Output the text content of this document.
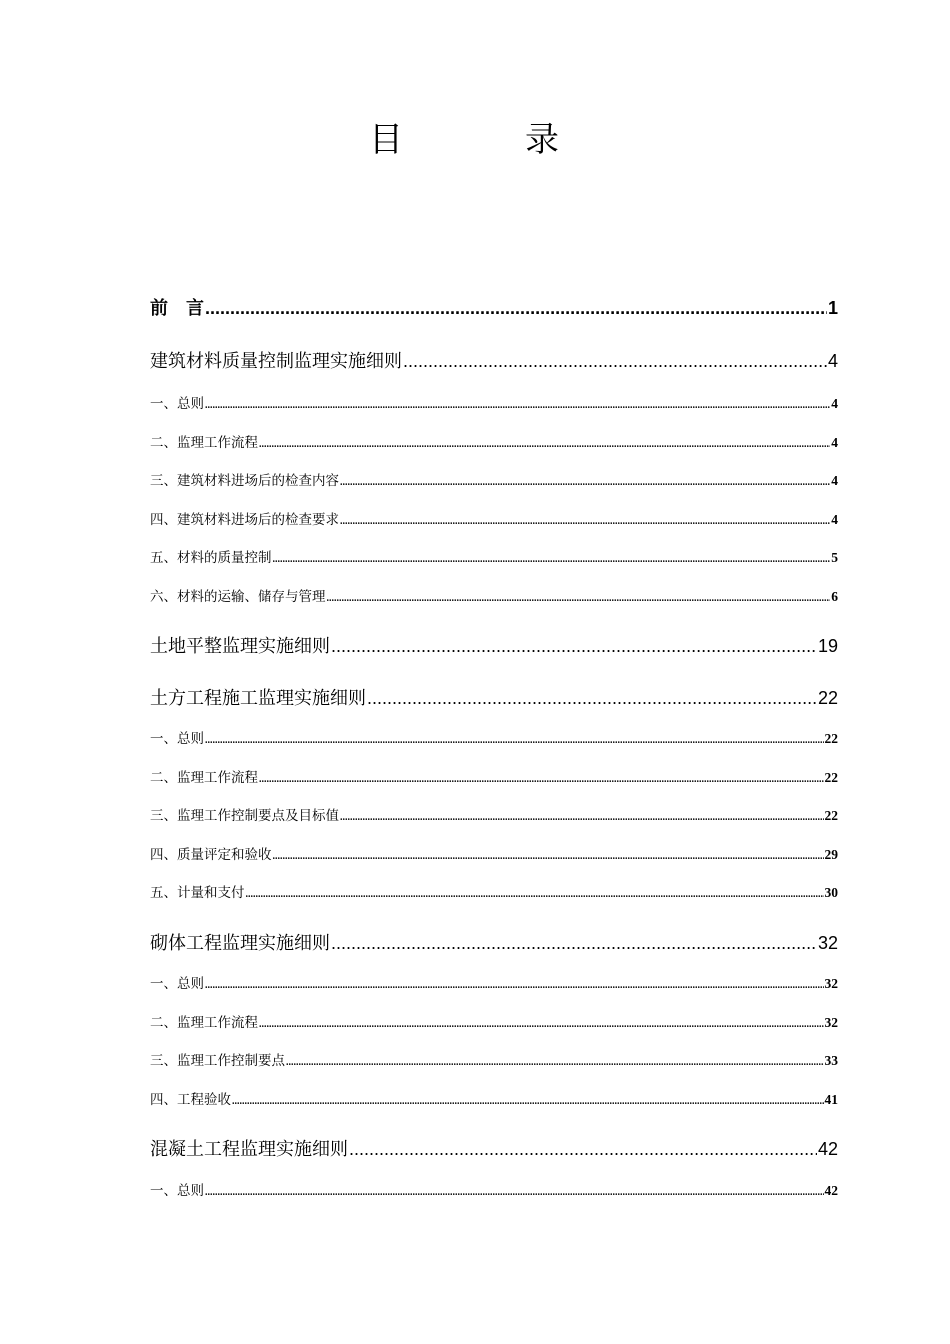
目　录
前　言 .....	1
建筑材料质量控制监理实施细则 .....	4
一、总则 .....	4
二、监理工作流程 .....	4
三、建筑材料进场后的检查内容 .....	4
四、建筑材料进场后的检查要求 .....	4
五、材料的质量控制 .....	5
六、材料的运输、储存与管理 .....	6
土地平整监理实施细则 .....	19
土方工程施工监理实施细则 .....	22
一、总则 .....	22
二、监理工作流程 .....	22
三、监理工作控制要点及目标值 .....	22
四、质量评定和验收 .....	29
五、计量和支付 .....	30
砌体工程监理实施细则 .....	32
一、总则 .....	32
二、监理工作流程 .....	32
三、监理工作控制要点 .....	33
四、工程验收 .....	41
混凝土工程监理实施细则 .....	42
一、总则 .....	42
